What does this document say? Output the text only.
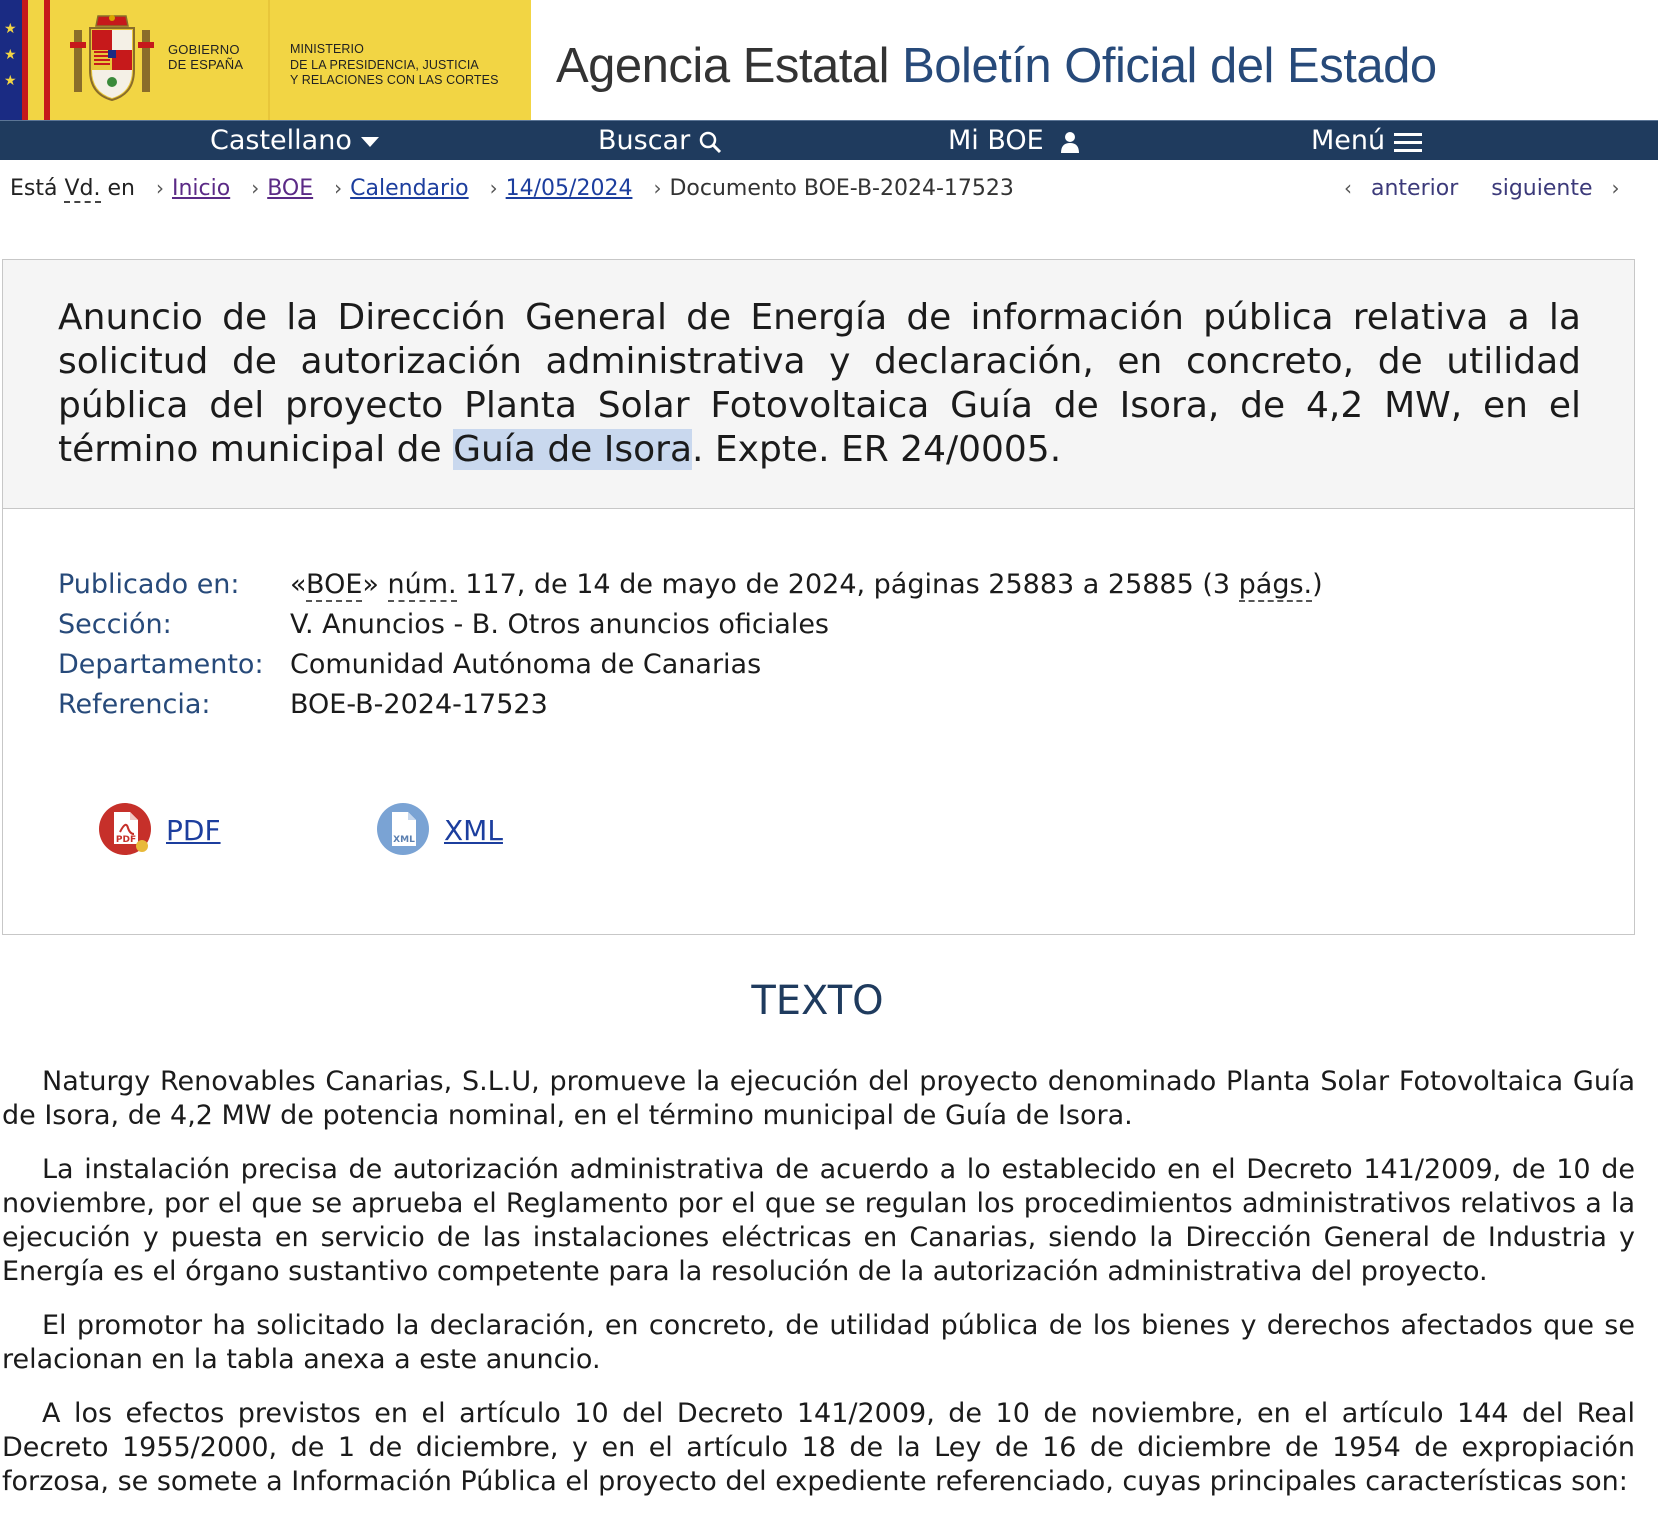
★
★
★
GOBIERNO
DE ESPAÑA
MINISTERIO
DE LA PRESIDENCIA, JUSTICIA
Y RELACIONES CON LAS CORTES Agencia Estatal Boletín Oficial del Estado
Castellano	Buscar	Mi BOE	Menú
Está Vd. en › Inicio › BOE › Calendario › 14/05/2024 › Documento BOE-B-2024-17523	‹ anterior siguiente ›
Anuncio de la Dirección General de Energía de información pública relativa a la solicitud de autorización administrativa y declaración, en concreto, de utilidad pública del proyecto Planta Solar Fotovoltaica Guía de Isora, de 4,2 MW, en el término municipal de Guía de Isora. Expte. ER 24/0005.
Publicado en:	«BOE» núm. 117, de 14 de mayo de 2024, páginas 25883 a 25885 (3 págs.)
Sección:	V. Anuncios - B. Otros anuncios oficiales
Departamento: Comunidad Autónoma de Canarias
Referencia:	BOE-B-2024-17523
PDF PDF	XML XML
TEXTO

Naturgy Renovables Canarias, S.L.U, promueve la ejecución del proyecto denominado Planta Solar Fotovoltaica Guía de Isora, de 4,2 MW de potencia nominal, en el término municipal de Guía de Isora.

La instalación precisa de autorización administrativa de acuerdo a lo establecido en el Decreto 141/2009, de 10 de noviembre, por el que se aprueba el Reglamento por el que se regulan los procedimientos administrativos relativos a la ejecución y puesta en servicio de las instalaciones eléctricas en Canarias, siendo la Dirección General de Industria y Energía es el órgano sustantivo competente para la resolución de la autorización administrativa del proyecto.

El promotor ha solicitado la declaración, en concreto, de utilidad pública de los bienes y derechos afectados que se relacionan en la tabla anexa a este anuncio.

A los efectos previstos en el artículo 10 del Decreto 141/2009, de 10 de noviembre, en el artículo 144 del Real Decreto 1955/2000, de 1 de diciembre, y en el artículo 18 de la Ley de 16 de diciembre de 1954 de expropiación forzosa, se somete a Información Pública el proyecto del expediente referenciado, cuyas principales características son:
